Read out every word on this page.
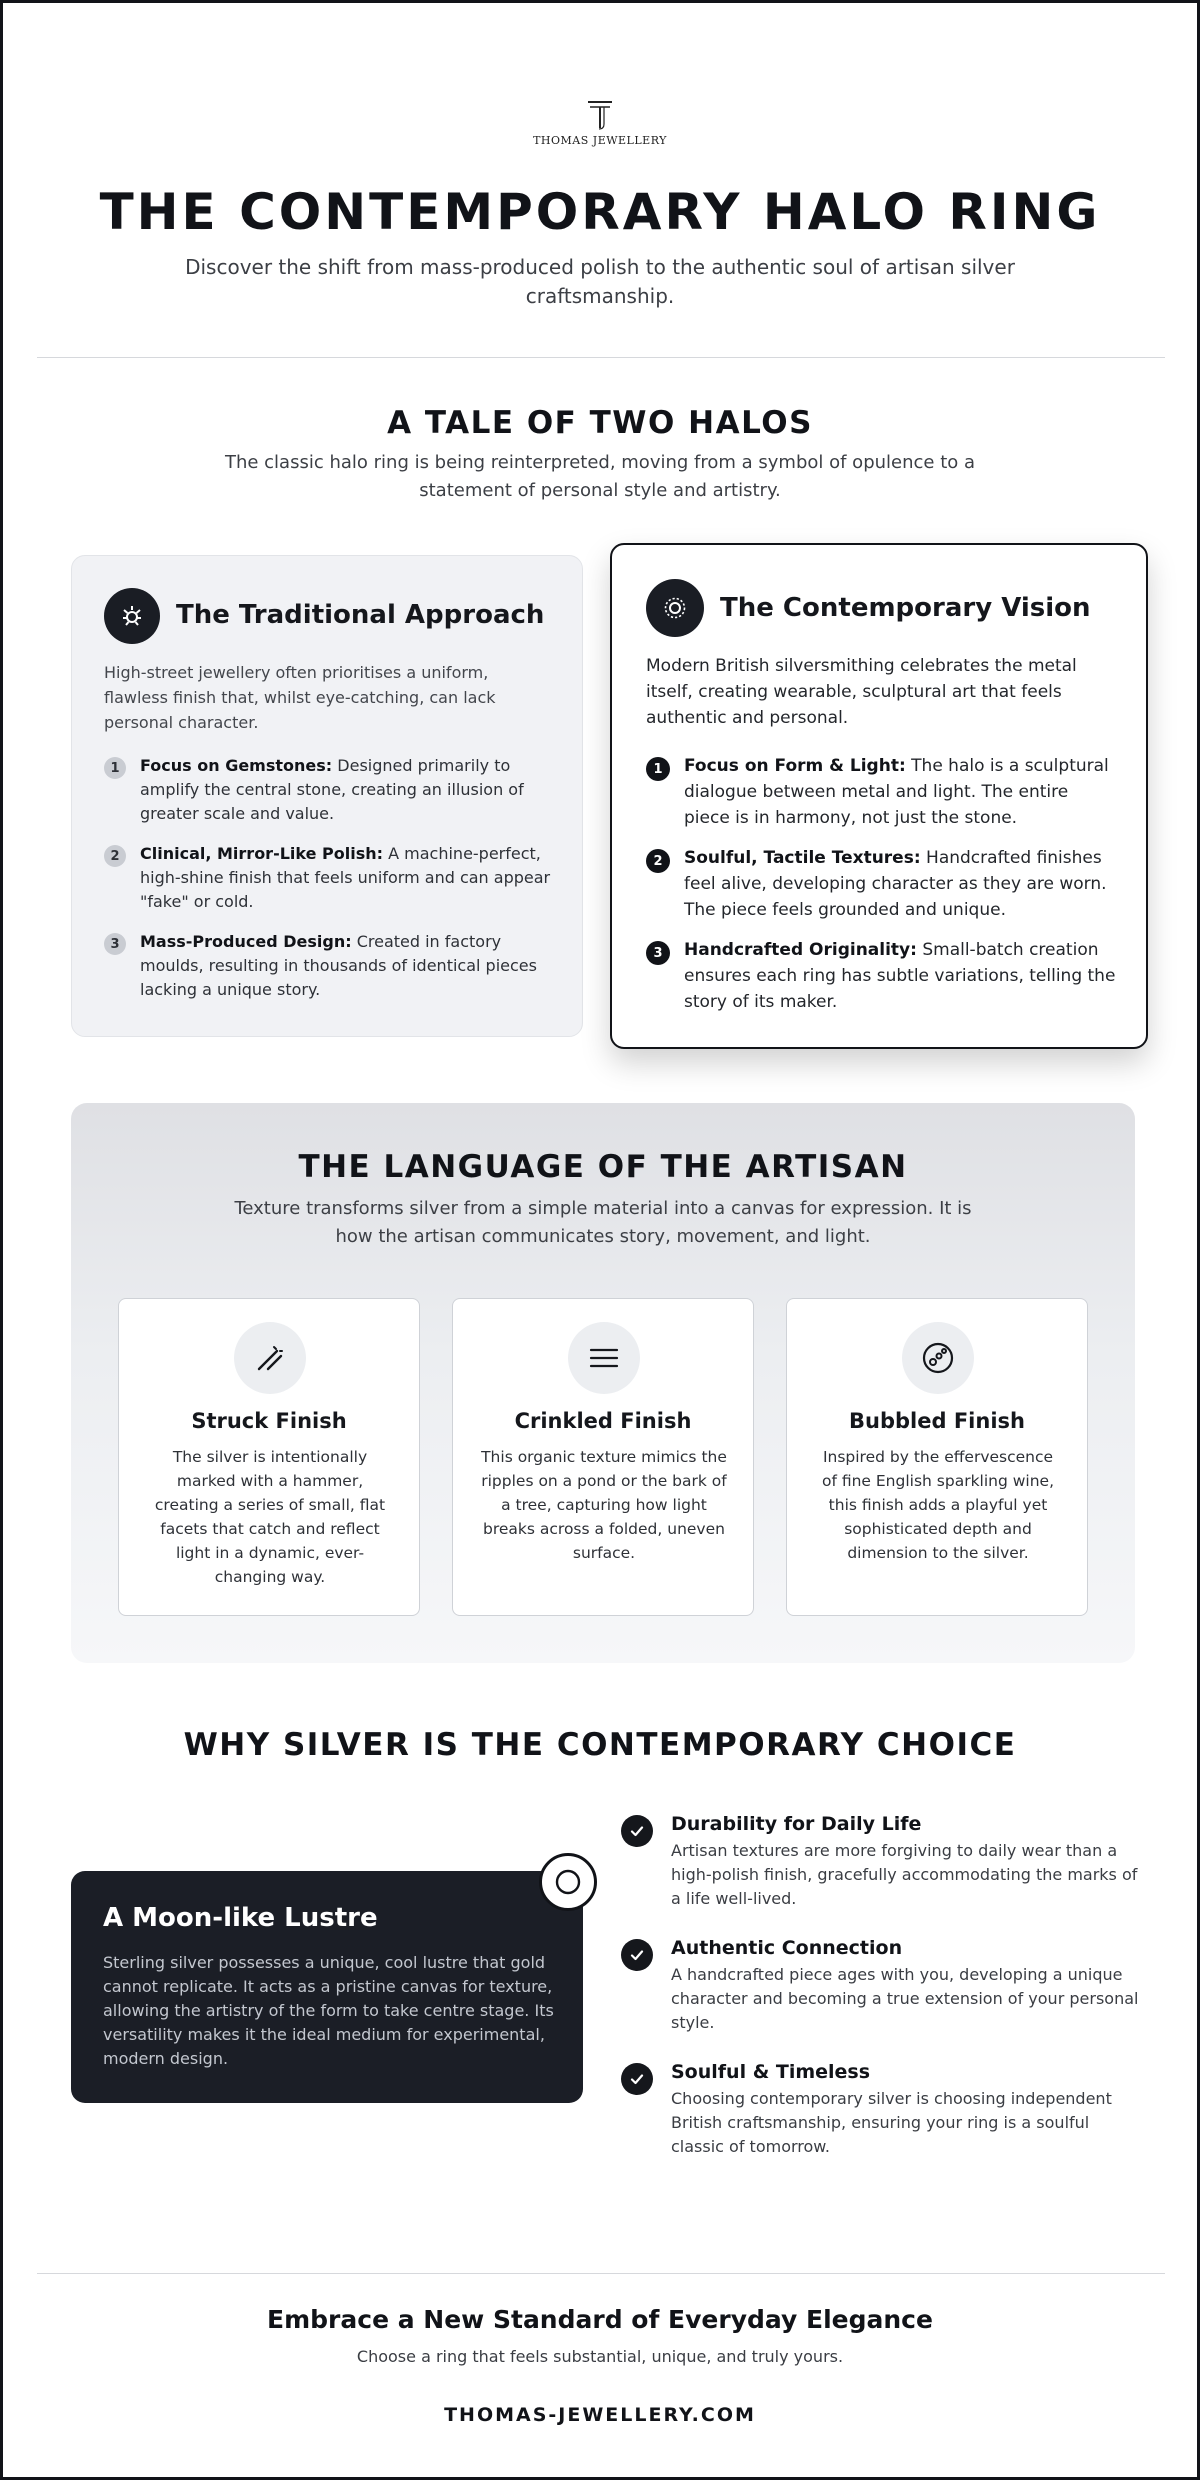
THOMAS JEWELLERY
THE CONTEMPORARY HALO RING

Discover the shift from mass-produced polish to the authentic soul of artisan silver craftsmanship.

A TALE OF TWO HALOS

The classic halo ring is being reinterpreted, moving from a symbol of opulence to a statement of personal style and artistry.

The Traditional Approach

High-street jewellery often prioritises a uniform, flawless finish that, whilst eye-catching, can lack personal character.

1	Focus on Gemstones: Designed primarily to amplify the central stone, creating an illusion of greater scale and value.
2	Clinical, Mirror-Like Polish: A machine-perfect, high-shine finish that feels uniform and can appear "fake" or cold.
3	Mass-Produced Design: Created in factory moulds, resulting in thousands of identical pieces lacking a unique story.
The Contemporary Vision

Modern British silversmithing celebrates the metal itself, creating wearable, sculptural art that feels authentic and personal.

1	Focus on Form & Light: The halo is a sculptural dialogue between metal and light. The entire piece is in harmony, not just the stone.
2	Soulful, Tactile Textures: Handcrafted finishes feel alive, developing character as they are worn. The piece feels grounded and unique.
3	Handcrafted Originality: Small-batch creation ensures each ring has subtle variations, telling the story of its maker.
THE LANGUAGE OF THE ARTISAN

Texture transforms silver from a simple material into a canvas for expression. It is how the artisan communicates story, movement, and light.

Struck Finish

The silver is intentionally marked with a hammer, creating a series of small, flat facets that catch and reflect light in a dynamic, ever-changing way.

Crinkled Finish

This organic texture mimics the ripples on a pond or the bark of a tree, capturing how light breaks across a folded, uneven surface.

Bubbled Finish

Inspired by the effervescence of fine English sparkling wine, this finish adds a playful yet sophisticated depth and dimension to the silver.

WHY SILVER IS THE CONTEMPORARY CHOICE
A Moon-like Lustre

Sterling silver possesses a unique, cool lustre that gold cannot replicate. It acts as a pristine canvas for texture, allowing the artistry of the form to take centre stage. Its versatility makes it the ideal medium for experimental, modern design.

Durability for Daily Life

Artisan textures are more forgiving to daily wear than a high-polish finish, gracefully accommodating the marks of a life well-lived.

Authentic Connection

A handcrafted piece ages with you, developing a unique character and becoming a true extension of your personal style.

Soulful & Timeless

Choosing contemporary silver is choosing independent British craftsmanship, ensuring your ring is a soulful classic of tomorrow.

Embrace a New Standard of Everyday Elegance

Choose a ring that feels substantial, unique, and truly yours.

THOMAS-JEWELLERY.COM
